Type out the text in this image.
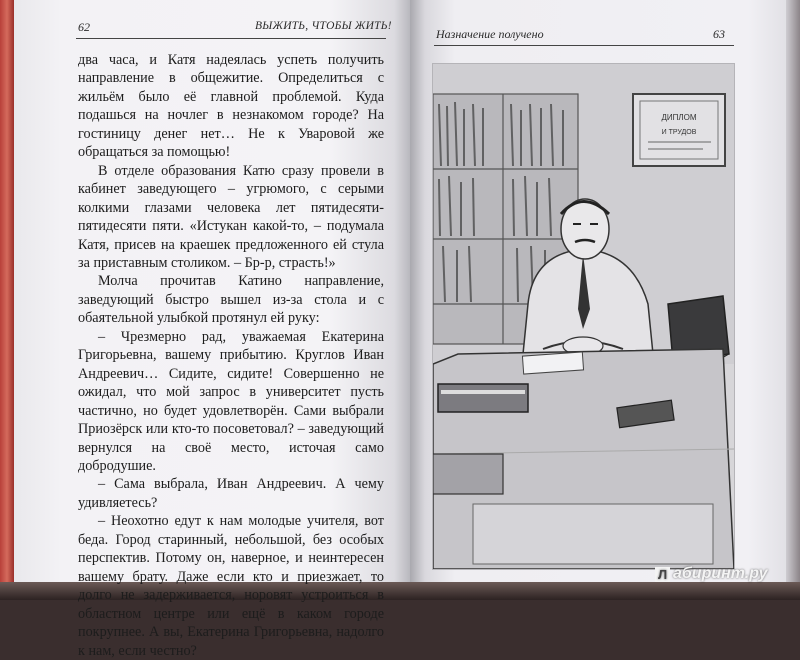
62	ВЫЖИТЬ, ЧТОБЫ ЖИТЬ!

два часа, и Катя надеялась успеть получить направление в общежитие. Определиться с жильём было её главной проблемой. Куда подашься на ночлег в незнакомом городе? На гостиницу денег нет… Не к Уваровой же обращаться за помощью!

В отделе образования Катю сразу провели в кабинет заведующего – угрюмого, с серыми колкими глазами человека лет пятидесяти-пятидесяти пяти. «Истукан какой-то, – подумала Катя, присев на краешек предложенного ей стула за приставным столиком. – Бр-р, страсть!»

Молча прочитав Катино направление, заведующий быстро вышел из-за стола и с обаятельной улыбкой протянул ей руку:

– Чрезмерно рад, уважаемая Екатерина Григорьевна, вашему прибытию. Круглов Иван Андреевич… Сидите, сидите! Совершенно не ожидал, что мой запрос в университет пусть частично, но будет удовлетворён. Сами выбрали Приозёрск или кто-то посоветовал? – заведующий вернулся на своё место, источая само добродушие.

– Сама выбрала, Иван Андреевич. А чему удивляетесь?

– Неохотно едут к нам молодые учителя, вот беда. Город старинный, небольшой, без особых перспектив. Потому он, наверное, и неинтересен вашему брату. Даже если кто и приезжает, то долго не задерживается, норовят устроиться в областном центре или ещё в каком городе покрупнее. А вы, Екатерина Григорьевна, надолго к нам, если честно?

Назначение получено	63
ДИПЛОМ
И ТРУДОВ
Л абиринт.ру
